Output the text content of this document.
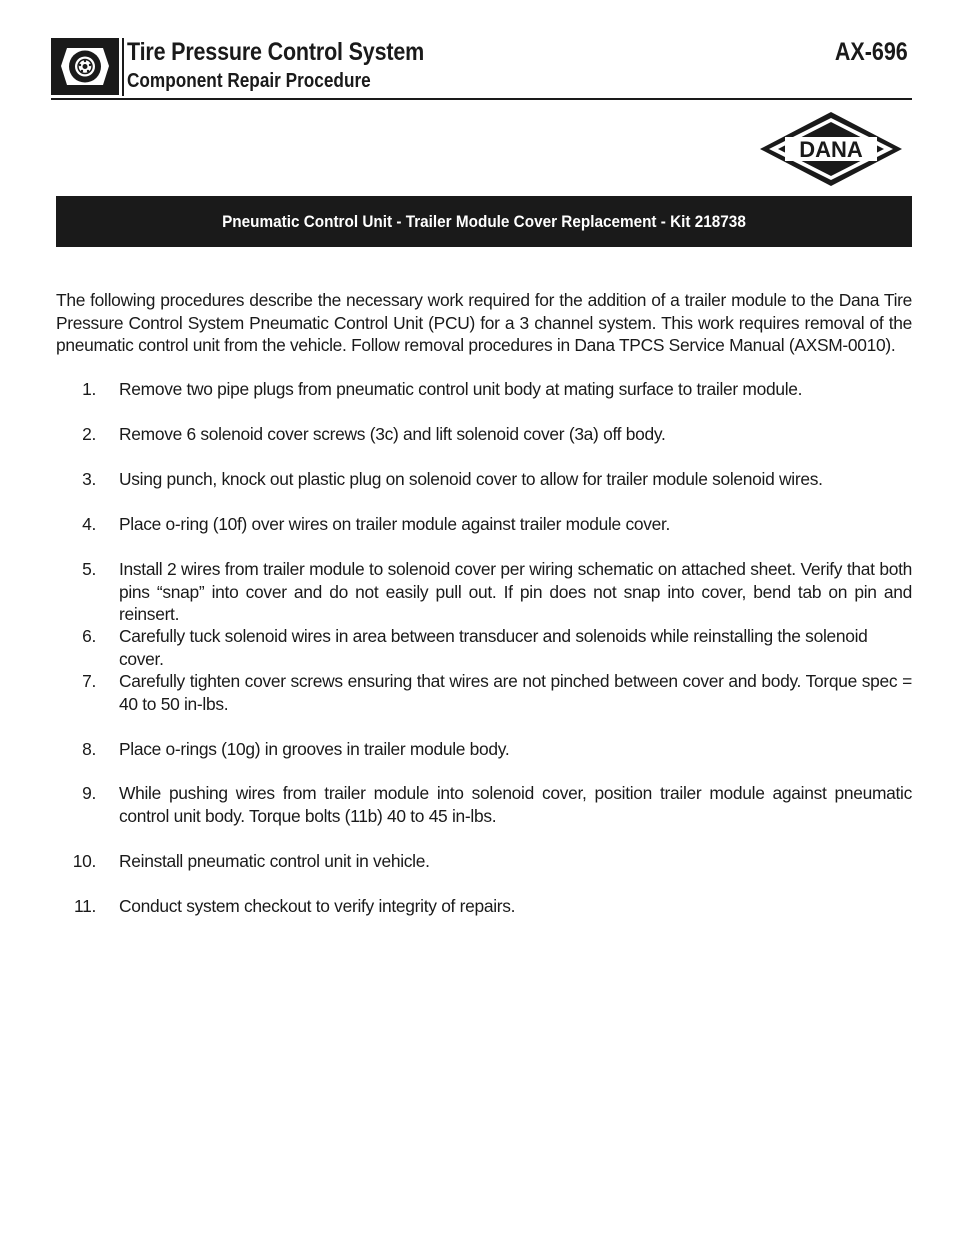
Tire Pressure Control System
Component Repair Procedure
AX-696
DANA
Pneumatic Control Unit - Trailer Module Cover Replacement - Kit 218738

The following procedures describe the necessary work required for the addition of a trailer module to the Dana Tire Pressure Control System Pneumatic Control Unit (PCU) for a 3 channel system. This work requires removal of the pneumatic control unit from the vehicle. Follow removal procedures in Dana TPCS Service Manual (AXSM-0010).

1. Remove two pipe plugs from pneumatic control unit body at mating surface to trailer module.
2. Remove 6 solenoid cover screws (3c) and lift solenoid cover (3a) off body.
3. Using punch, knock out plastic plug on solenoid cover to allow for trailer module solenoid wires.
4. Place o-ring (10f) over wires on trailer module against trailer module cover.
5. Install 2 wires from trailer module to solenoid cover per wiring schematic on attached sheet. Verify that both pins “snap” into cover and do not easily pull out. If pin does not snap into cover, bend tab on pin and reinsert.
6. Carefully tuck solenoid wires in area between transducer and solenoids while reinstalling the solenoid cover.
7. Carefully tighten cover screws ensuring that wires are not pinched between cover and body. Torque spec = 40 to 50 in-lbs.
8. Place o-rings (10g) in grooves in trailer module body.
9. While pushing wires from trailer module into solenoid cover, position trailer module against pneumatic control unit body. Torque bolts (11b) 40 to 45 in-lbs.
10. Reinstall pneumatic control unit in vehicle.
11. Conduct system checkout to verify integrity of repairs.
